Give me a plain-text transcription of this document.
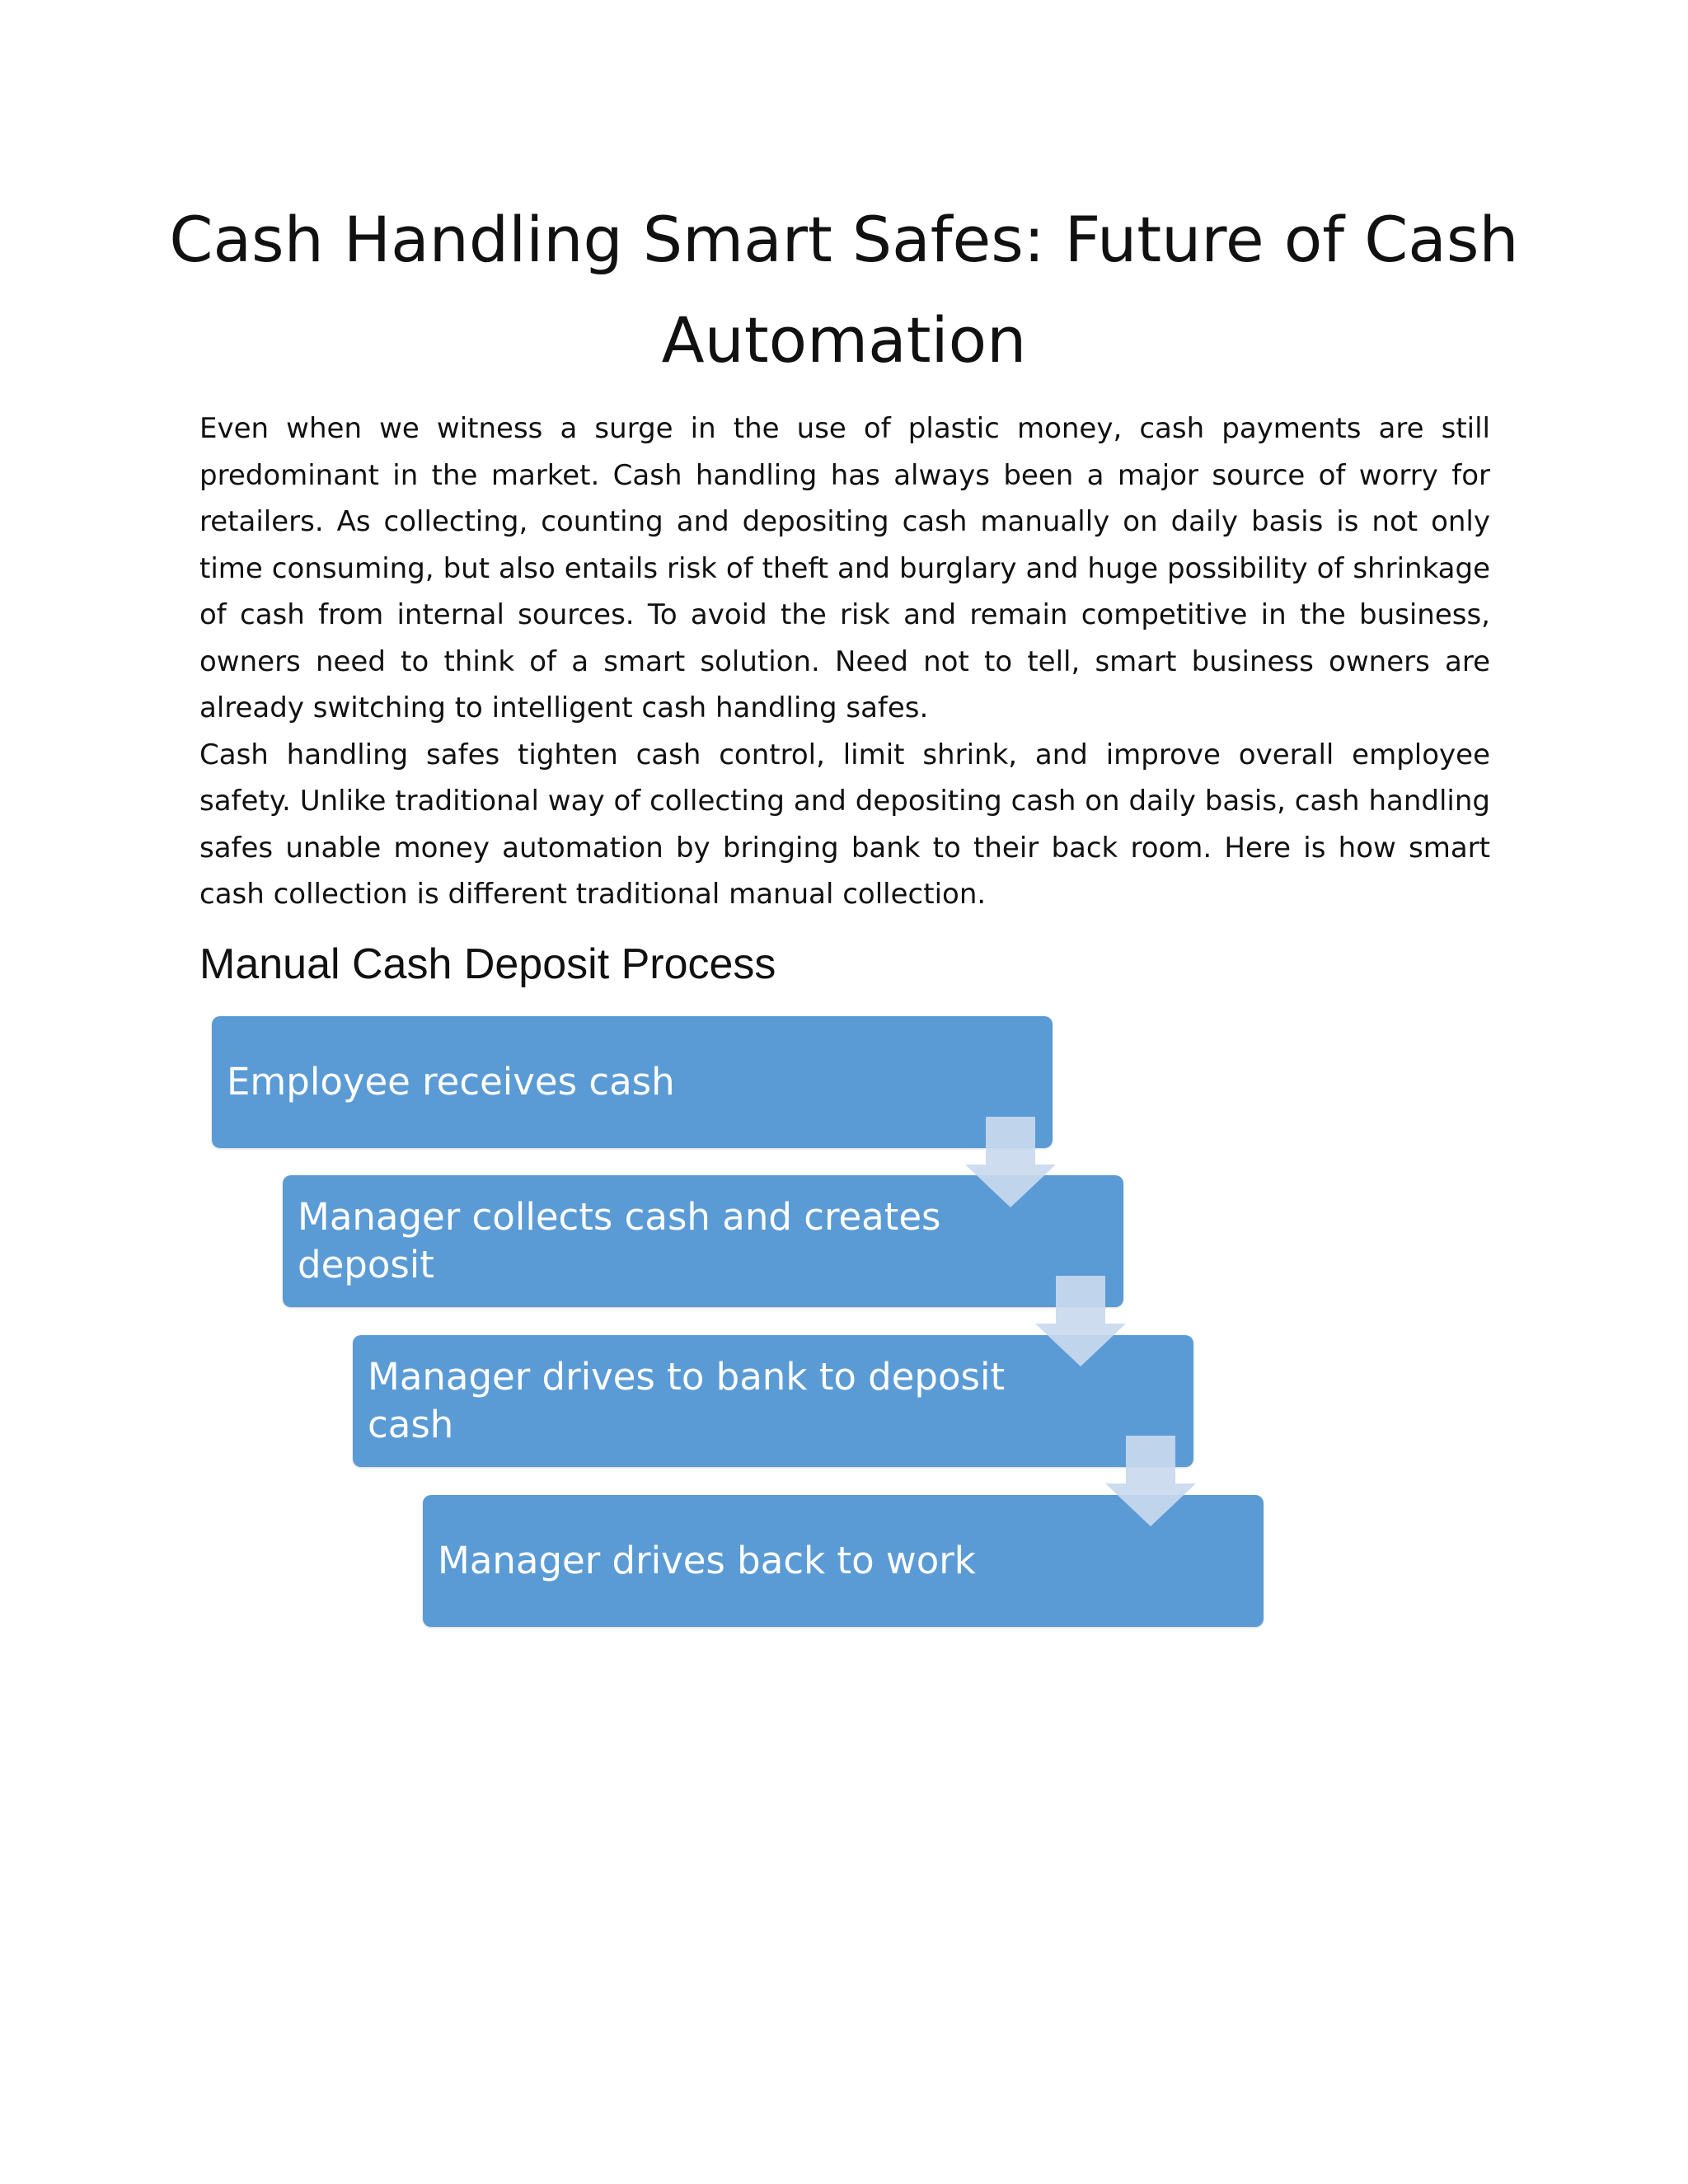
Cash Handling Smart Safes: Future of Cash Automation

Even when we witness a surge in the use of plastic money, cash payments are still predominant in the market. Cash handling has always been a major source of worry for retailers. As collecting, counting and depositing cash manually on daily basis is not only time consuming, but also entails risk of theft and burglary and huge possibility of shrinkage of cash from internal sources. To avoid the risk and remain competitive in the business, owners need to think of a smart solution. Need not to tell, smart business owners are already switching to intelligent cash handling safes.

Cash handling safes tighten cash control, limit shrink, and improve overall employee safety. Unlike traditional way of collecting and depositing cash on daily basis, cash handling safes unable money automation by bringing bank to their back room. Here is how smart cash collection is different traditional manual collection.

Manual Cash Deposit Process
Employee receives cash
Manager collects cash and creates deposit
Manager drives to bank to deposit cash
Manager drives back to work
